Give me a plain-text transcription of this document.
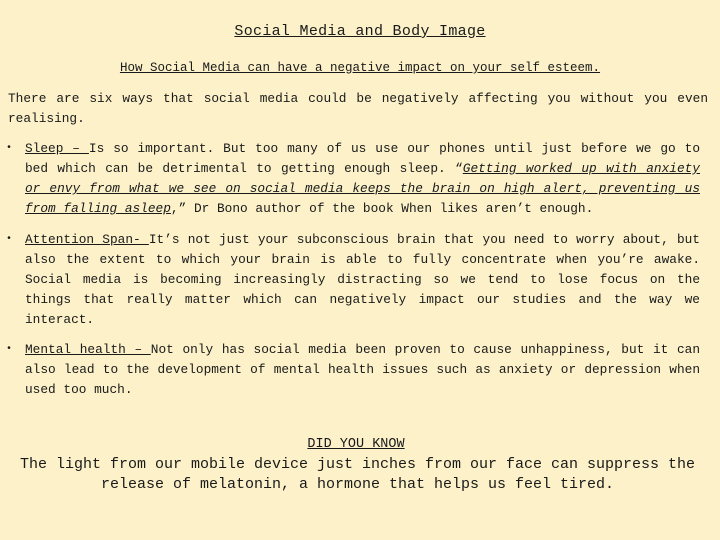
Social Media and Body Image
How Social Media can have a negative impact on your self esteem.
There are six ways that social media could be negatively affecting you without you even realising.
• Sleep – Is so important. But too many of us use our phones until just before we go to bed which can be detrimental to getting enough sleep. “Getting worked up with anxiety or envy from what we see on social media keeps the brain on high alert, preventing us from falling asleep,” Dr Bono author of the book When likes aren’t enough.
• Attention Span- It’s not just your subconscious brain that you need to worry about, but also the extent to which your brain is able to fully concentrate when you’re awake. Social media is becoming increasingly distracting so we tend to lose focus on the things that really matter which can negatively impact our studies and the way we interact.
• Mental health – Not only has social media been proven to cause unhappiness, but it can also lead to the development of mental health issues such as anxiety or depression when used too much.
DID YOU KNOW
The light from our mobile device just inches from our face can suppress the release of melatonin, a hormone that helps us feel tired.
